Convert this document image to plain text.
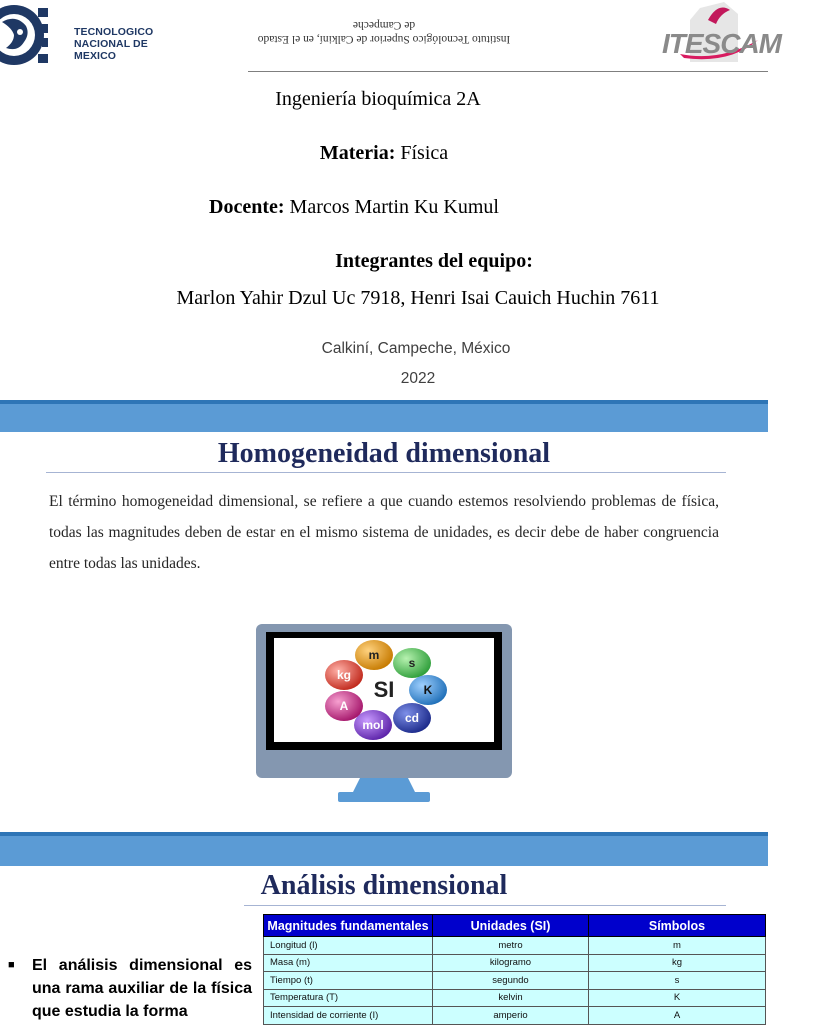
TECNOLOGICO
NACIONAL DE MEXICO
Instituto Tecnológico Superior de Calkiní, en el Estado
de Campeche
ITESCAM
Ingeniería bioquímica 2A
Materia: Física
Docente: Marcos Martin Ku Kumul
Integrantes del equipo:
Marlon Yahir Dzul Uc 7918, Henri Isai Cauich Huchin 7611
Calkiní, Campeche, México
2022
Homogeneidad dimensional
El término homogeneidad dimensional, se refiere a que cuando estemos resolviendo problemas de física, todas las magnitudes deben de estar en el mismo sistema de unidades, es decir debe de haber congruencia entre todas las unidades.
m
s
K
cd
mol
A
kg
SI
Análisis dimensional
■	El análisis dimensional es una rama auxiliar de la física que estudia la forma
Magnitudes fundamentales	Unidades (SI)	Símbolos
Longitud (l)	metro	m
Masa (m)	kilogramo	kg
Tiempo (t)	segundo	s
Temperatura (T)	kelvin	K
Intensidad de corriente (I)	amperio	A
